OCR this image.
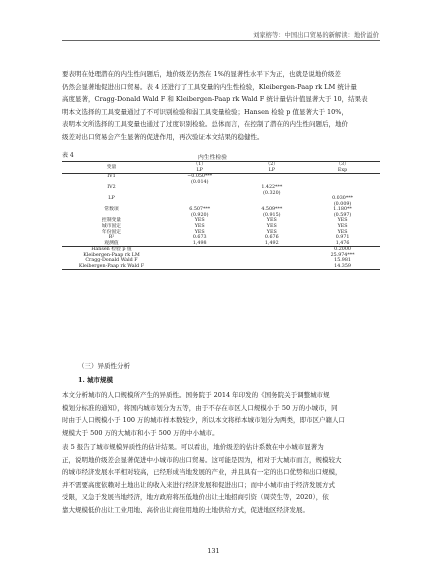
刘家榕等：中国出口贸易的新解读：地价溢价

要表明在处理潜在的内生性问题后，地价级差仍然在 1%的显著性水平下为正，也就是说地价级差

仍然会显著地促进出口贸易。表 4 还进行了工具变量的内生性检验，Kleibergen-Paap rk LM 统计量

高度显著，Cragg-Donald Wald F 和 Kleibergen-Paap rk Wald F 统计量估计值显著大于 10，结果表

明本文选择的工具变量通过了不可识别检验和弱工具变量检验；Hansen 检验 p 值显著大于 10%，

表明本文所选择的工具变量也通过了过度识别检验。总体而言，在控制了潜在的内生性问题后，地价

级差对出口贸易会产生显著的促进作用，再次验证本文结果的稳健性。

表 4	内生性检验
变量	（1）	（2）	（3）
	LP	LP	Exp
IV1	−0.050***		
	(0.014)		
IV2		1.422***	
		(0.320)	
LP			0.030***
			(0.009)
常数项	6.507***	4.509***	1.180**
	(0.920)	(0.915)	(0.597)
控制变量	YES	YES	YES
城市固定	YES	YES	YES
年份固定	YES	YES	YES
R²	0.673	0.676	0.971
观测值	1,498	1,492	1,476
Hansen 检验 p 值			0.2000
Kleibergen-Paap rk LM			25.974***
Cragg-Donald Wald F			15.981
Kleibergen-Paap rk Wald F			14.359
（三）异质性分析
1. 城市规模

本文分析城市的人口规模所产生的异质性。国务院于 2014 年印发的《国务院关于调整城市规

模划分标准的通知》，将国内城市划分为五等，由于不存在市区人口规模小于 50 万的小城市，同

时由于人口规模小于 100 万的城市样本数较少，所以本文将样本城市划分为两类，即市区户籍人口

规模大于 500 万的大城市和小于 500 万的中小城市。

表 5 报告了城市规模异质性的估计结果。可以看出，地价级差的估计系数在中小城市显著为

正，说明地价级差会显著促进中小城市的出口贸易。这可能是因为，相对于大城市而言，规模较大

的城市经济发展水平相对较高，已经形成当地发展的产业，并且具有一定的出口优势和出口规模，

并不需要高度依赖对土地出让的收入来进行经济发展和促进出口；而中小城市由于经济发展方式

受限，又急于发展当地经济，地方政府将压低地价出让土地招商引资（周荧生等，2020），依

靠大规模低价出让工业用地、高价出让商住用地的土地供给方式，促进地区经济发展。

131
